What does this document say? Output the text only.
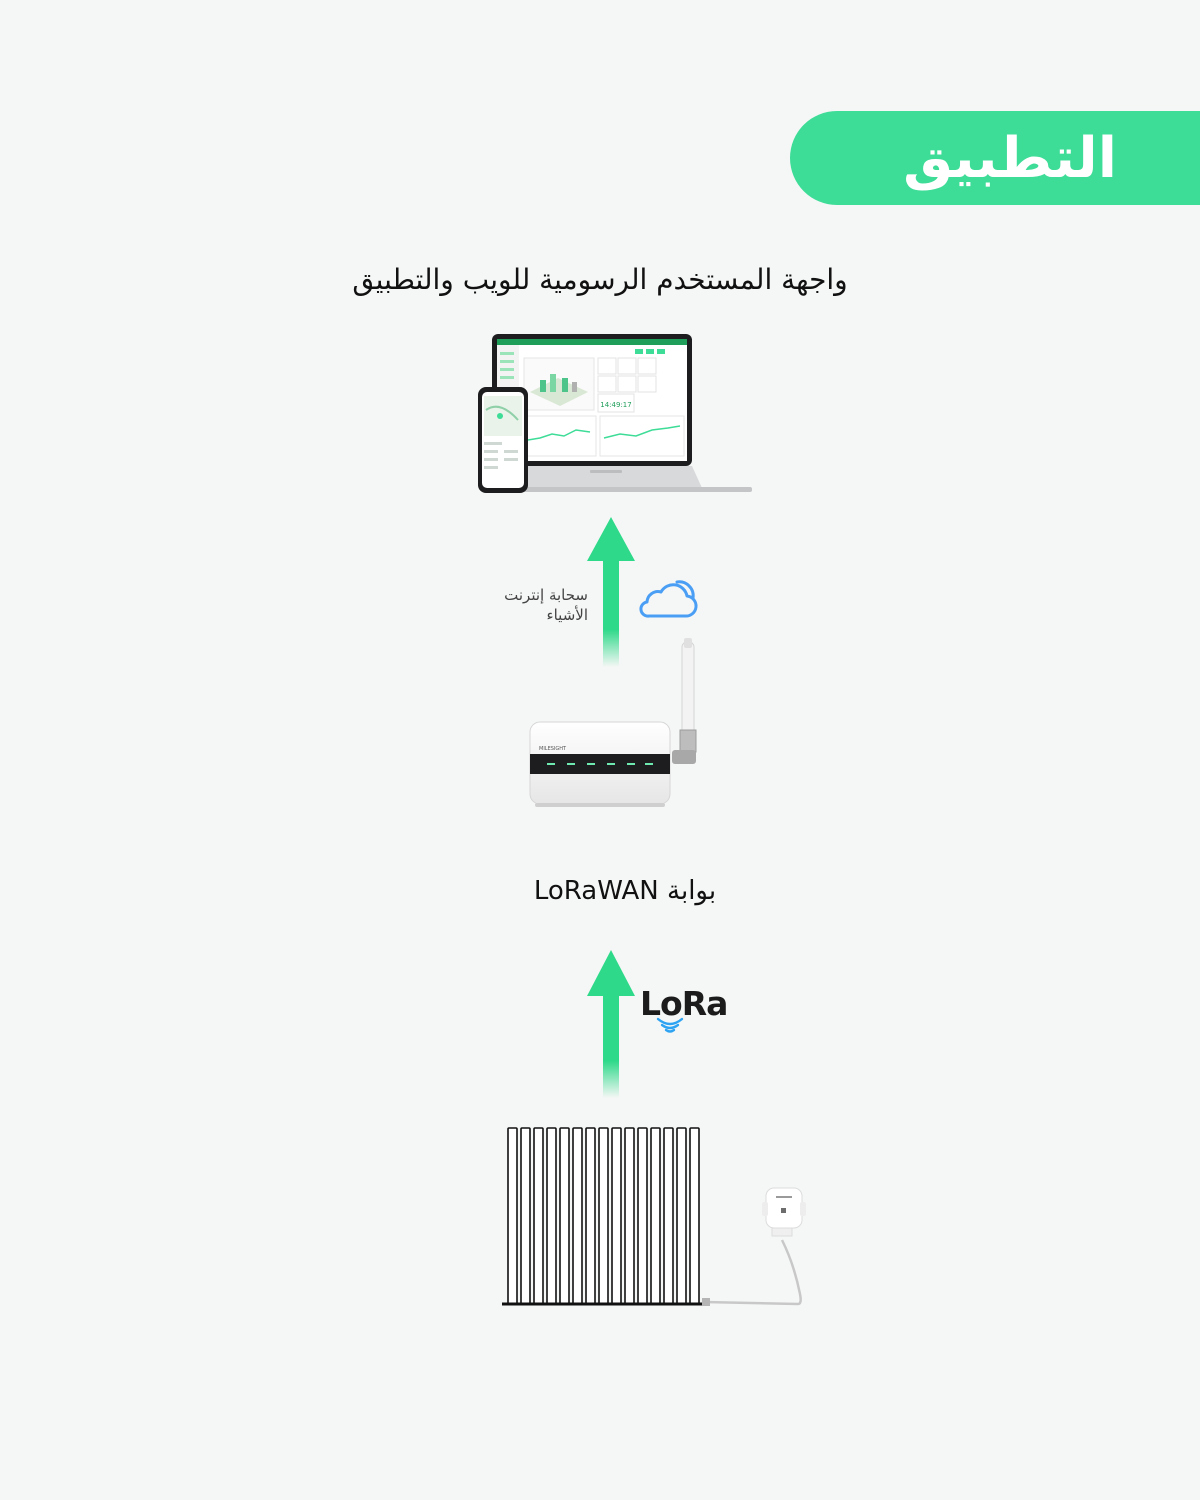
التطبيق
واجهة المستخدم الرسومية للويب والتطبيق
14:49:17
سحابة إنترنت
الأشياء
MILESIGHT
بوابة LoRaWAN
LoRa
